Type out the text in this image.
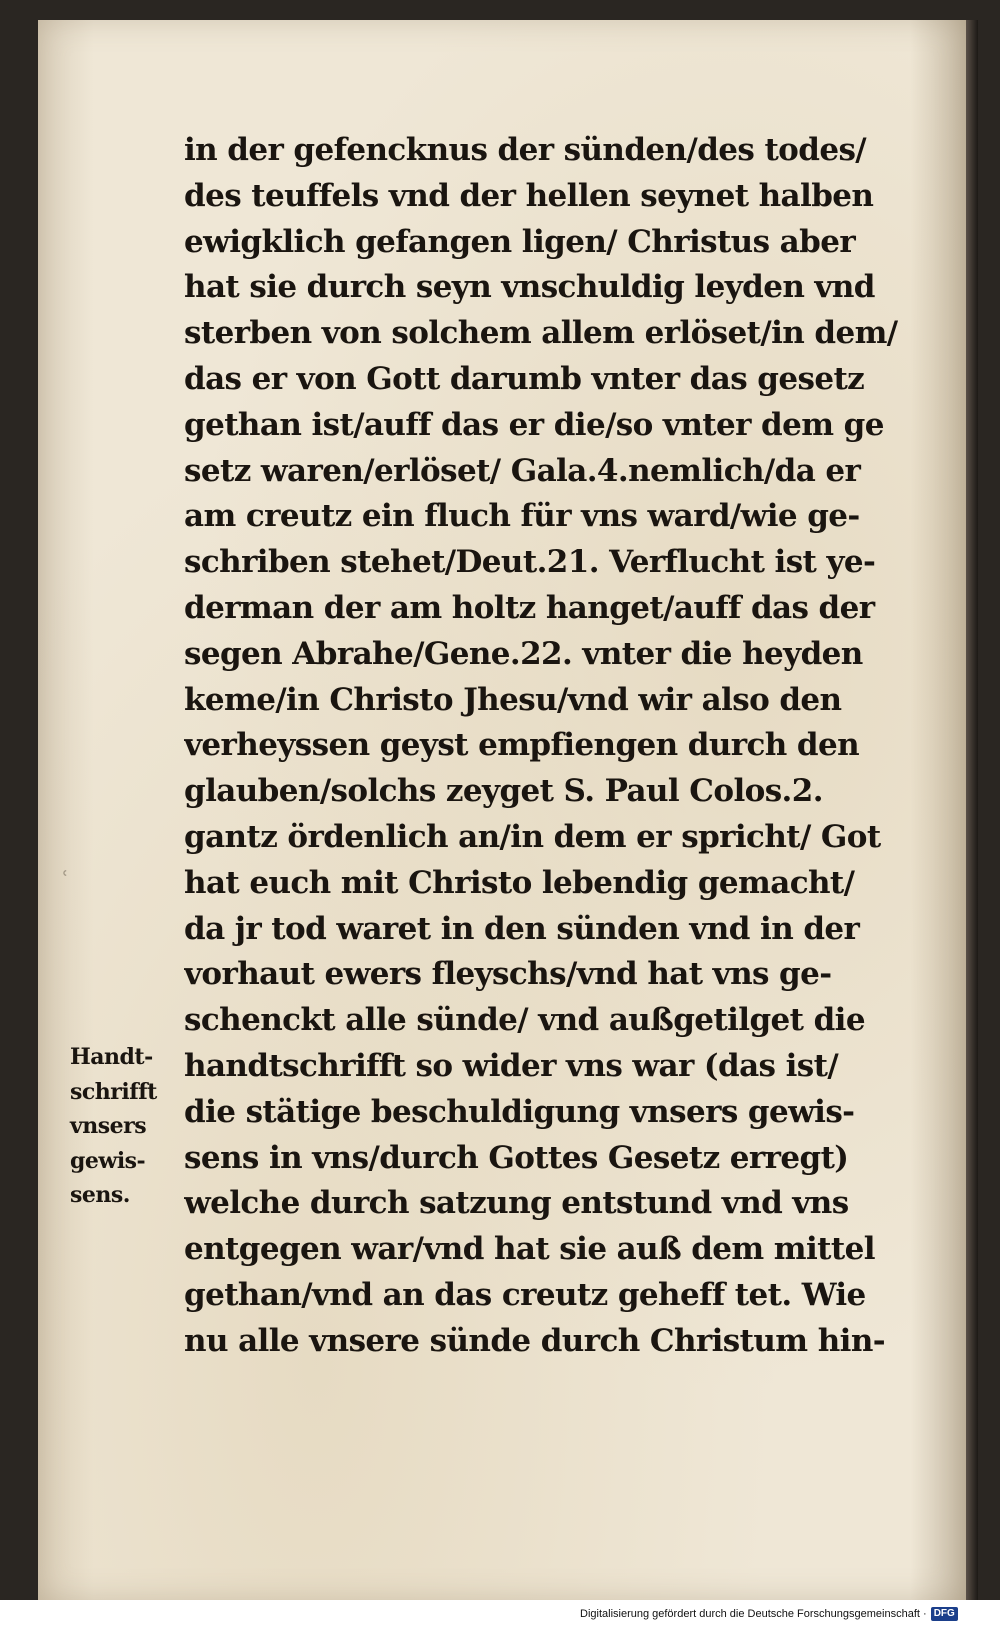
ʿ
in der gefencknus der sünden/des todes/
des teuffels vnd der hellen seynet halben
ewigklich gefangen ligen/ Christus aber
hat sie durch seyn vnschuldig leyden vnd
sterben von solchem allem erlöset/in dem/
das er von Gott darumb vnter das gesetz
gethan ist/auff das er die/so vnter dem ge
setz waren/erlöset/ Gala.4.nemlich/da er
am creutz ein fluch für vns ward/wie ge-
schriben stehet/Deut.21. Verflucht ist ye-
derman der am holtz hanget/auff das der
segen Abrahe/Gene.22. vnter die heyden
keme/in Christo Jhesu/vnd wir also den
verheyssen geyst empfiengen durch den
glauben/solchs zeyget S. Paul Colos.2.
gantz ördenlich an/in dem er spricht/ Got
hat euch mit Christo lebendig gemacht/
da jr tod waret in den sünden vnd in der
vorhaut ewers fleyschs/vnd hat vns ge-
schenckt alle sünde/ vnd außgetilget die
handtschrifft so wider vns war (das ist/
die stätige beschuldigung vnsers gewis-
sens in vns/durch Gottes Gesetz erregt)
welche durch satzung entstund vnd vns
entgegen war/vnd hat sie auß dem mittel
gethan/vnd an das creutz geheff tet. Wie
nu alle vnsere sünde durch Christum hin-
Handt-
schrifft
vnsers
gewis-
sens.
Digitalisierung gefördert durch die Deutsche Forschungsgemeinschaft · DFG
